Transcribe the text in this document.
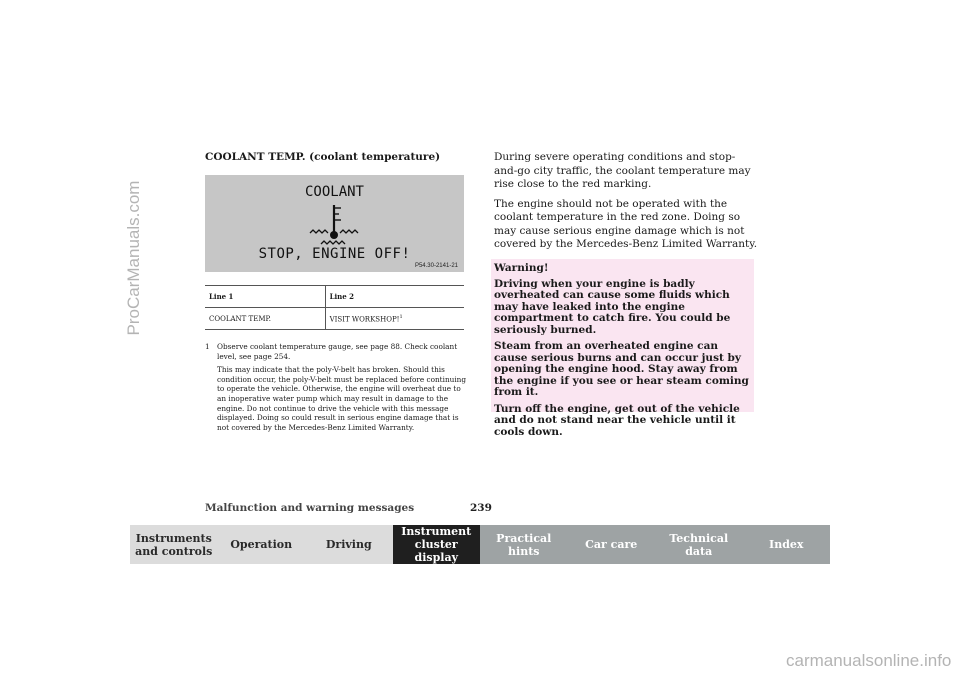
ProCarManuals.com
COOLANT TEMP. (coolant temperature)
COOLANT
STOP, ENGINE OFF!
P54.30-2141-21
Line 1	Line 2
COOLANT TEMP.	VISIT WORKSHOP!$^1$
1 Observe coolant temperature gauge, see page 88. Check coolant level, see page 254.

This may indicate that the poly-V-belt has broken. Should this condition occur, the poly-V-belt must be replaced before continuing to operate the vehicle. Otherwise, the engine will overheat due to an inoperative water pump which may result in damage to the engine. Do not continue to drive the vehicle with this message displayed. Doing so could result in serious engine damage that is not covered by the Mercedes-Benz Limited Warranty.

During severe operating conditions and stop-and-go city traffic, the coolant temperature may rise close to the red marking.

The engine should not be operated with the coolant temperature in the red zone. Doing so may cause serious engine damage which is not covered by the Mercedes-Benz Limited Warranty.

Warning!

Driving when your engine is badly overheated can cause some fluids which may have leaked into the engine compartment to catch fire. You could be seriously burned.

Steam from an overheated engine can cause serious burns and can occur just by opening the engine hood. Stay away from the engine if you see or hear steam coming from it.

Turn off the engine, get out of the vehicle and do not stand near the vehicle until it cools down.

Malfunction and warning messages	239
Instruments and controls	Operation	Driving
Instrument cluster display
Practical hints	Car care	Technical data	Index
carmanualsonline.info
